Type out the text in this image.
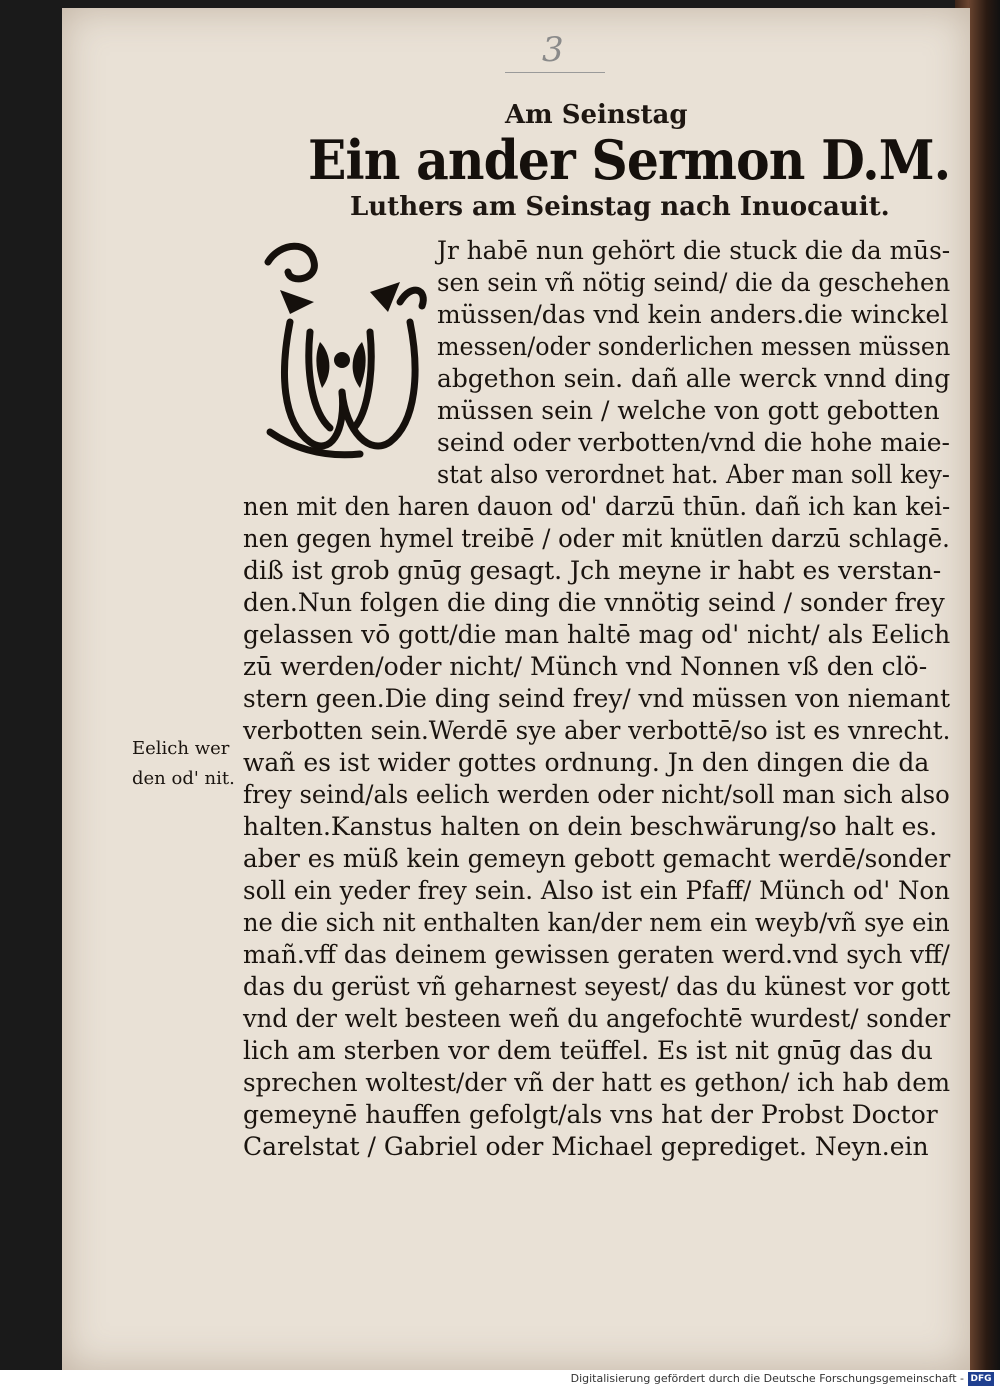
3
Am Seinstag
Ein ander Sermon D.M.
Luthers am Seinstag nach Inuocauit.
Jr habē nun gehört die stuck die da mūs-
sen sein vñ nötig seind/ die da geschehen
müssen/das vnd kein anders.die winckel
messen/oder sonderlichen messen müssen
abgethon sein. dañ alle werck vnnd ding
müssen sein / welche von gott gebotten
seind oder verbotten/vnd die hohe maie-
stat also verordnet hat. Aber man soll key-
nen mit den haren dauon od' darzū thūn. dañ ich kan kei-
nen gegen hymel treibē / oder mit knütlen darzū schlagē.
diß ist grob gnūg gesagt. Jch meyne ir habt es verstan-
den.Nun folgen die ding die vnnötig seind / sonder frey
gelassen vō gott/die man haltē mag od' nicht/ als Eelich
zū werden/oder nicht/ Münch vnd Nonnen vß den clö-
stern geen.Die ding seind frey/ vnd müssen von niemant
verbotten sein.Werdē sye aber verbottē/so ist es vnrecht.
wañ es ist wider gottes ordnung. Jn den dingen die da
frey seind/als eelich werden oder nicht/soll man sich also
halten.Kanstus halten on dein beschwärung/so halt es.
aber es müß kein gemeyn gebott gemacht werdē/sonder
soll ein yeder frey sein. Also ist ein Pfaff/ Münch od' Non
ne die sich nit enthalten kan/der nem ein weyb/vñ sye ein
mañ.vff das deinem gewissen geraten werd.vnd sych vff/
das du gerüst vñ geharnest seyest/ das du künest vor gott
vnd der welt besteen weñ du angefochtē wurdest/ sonder
lich am sterben vor dem teüffel. Es ist nit gnūg das du
sprechen woltest/der vñ der hatt es gethon/ ich hab dem
gemeynē hauffen gefolgt/als vns hat der Probst Doctor
Carelstat / Gabriel oder Michael geprediget. Neyn.ein
Eelich wer
den od' nit.
Digitalisierung gefördert durch die Deutsche Forschungsgemeinschaft - DFG
